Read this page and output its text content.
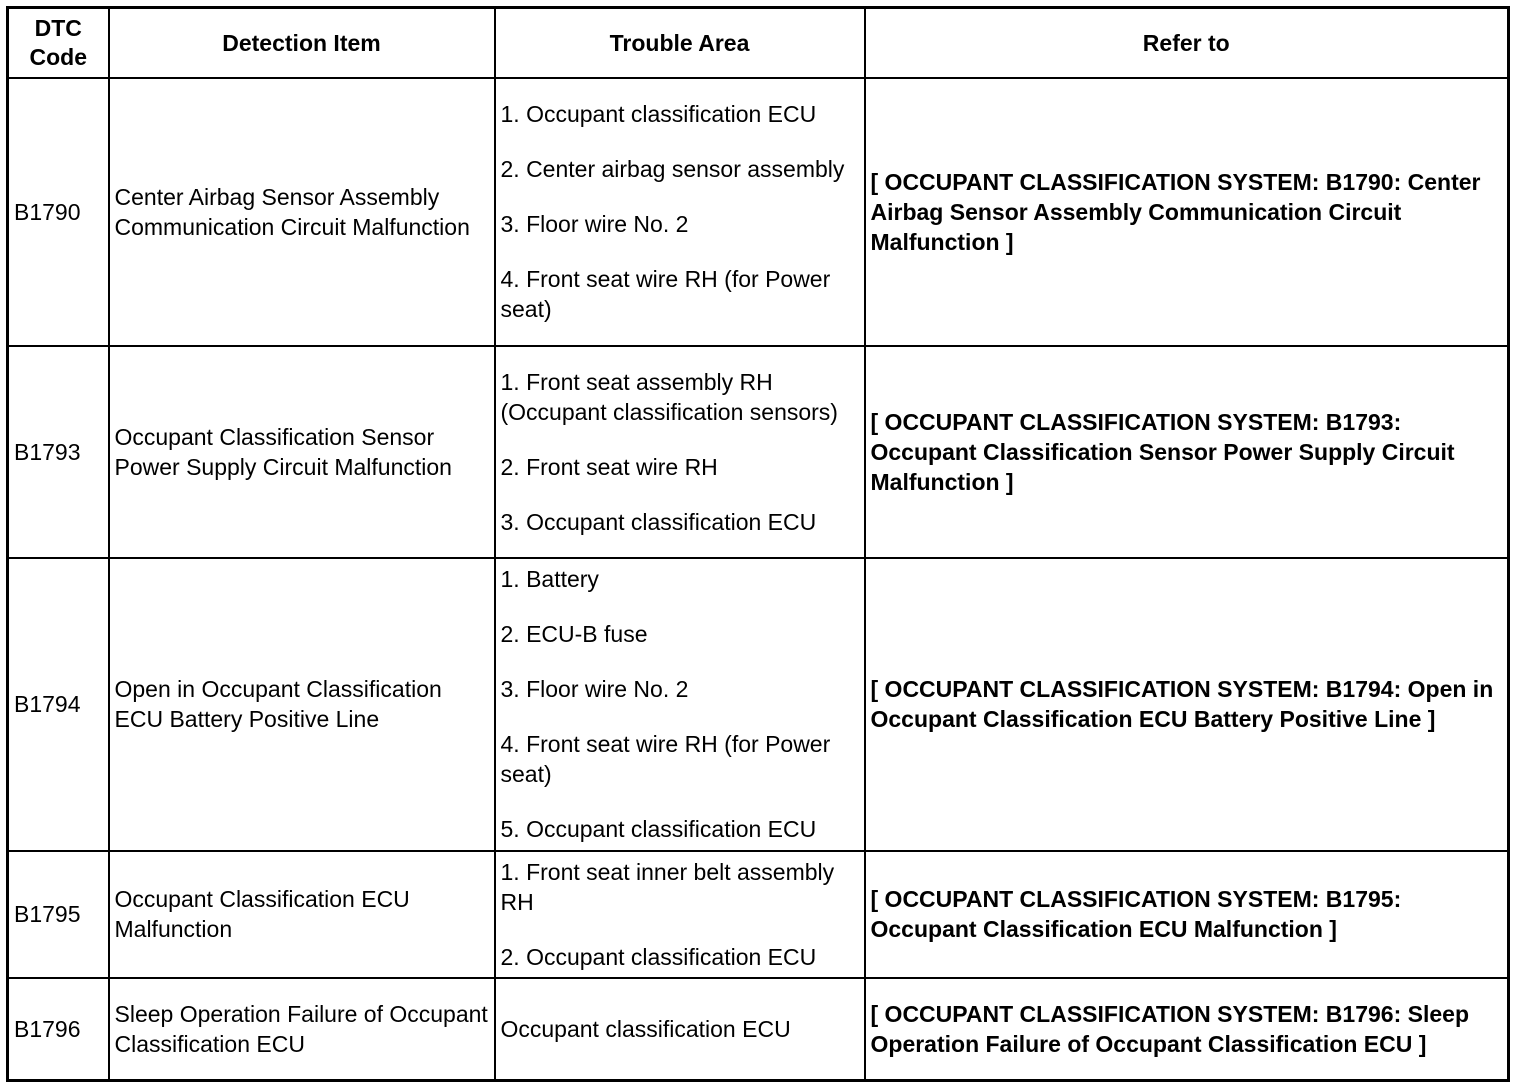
DTC Code	Detection Item	Trouble Area	Refer to
B1790	Center Airbag Sensor Assembly Communication Circuit Malfunction	1. Occupant classification ECU

2. Center airbag sensor assembly

3. Floor wire No. 2

4. Front seat wire RH (for Power seat)	[ OCCUPANT CLASSIFICATION SYSTEM: B1790: Center Airbag Sensor Assembly Communication Circuit Malfunction ]
B1793	Occupant Classification Sensor Power Supply Circuit Malfunction	1. Front seat assembly RH (Occupant classification sensors)

2. Front seat wire RH

3. Occupant classification ECU	[ OCCUPANT CLASSIFICATION SYSTEM: B1793: Occupant Classification Sensor Power Supply Circuit Malfunction ]
B1794	Open in Occupant Classification ECU Battery Positive Line	1. Battery

2. ECU-B fuse

3. Floor wire No. 2

4. Front seat wire RH (for Power seat)

5. Occupant classification ECU	[ OCCUPANT CLASSIFICATION SYSTEM: B1794: Open in Occupant Classification ECU Battery Positive Line ]
B1795	Occupant Classification ECU Malfunction	1. Front seat inner belt assembly RH

2. Occupant classification ECU	[ OCCUPANT CLASSIFICATION SYSTEM: B1795: Occupant Classification ECU Malfunction ]
B1796	Sleep Operation Failure of Occupant Classification ECU	Occupant classification ECU	[ OCCUPANT CLASSIFICATION SYSTEM: B1796: Sleep Operation Failure of Occupant Classification ECU ]
